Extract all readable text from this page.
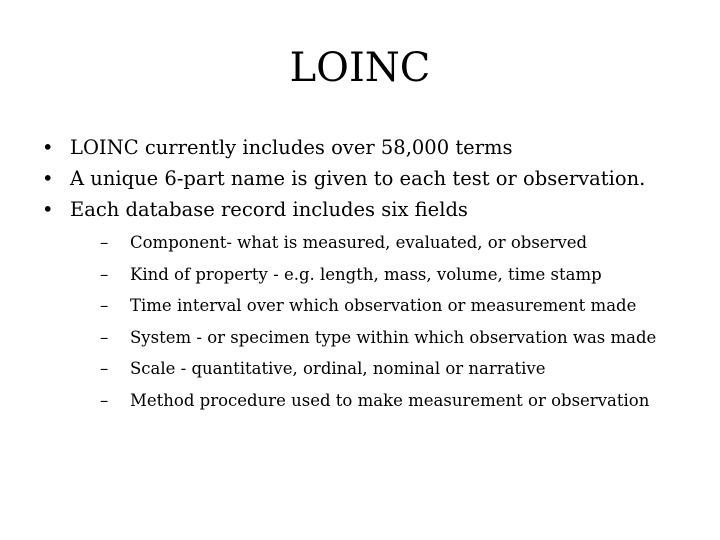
LOINC
• LOINC currently includes over 58,000 terms
• A unique 6-part name is given to each test or observation.
• Each database record includes six fields
– Component- what is measured, evaluated, or observed
– Kind of property - e.g. length, mass, volume, time stamp
– Time interval over which observation or measurement made
– System - or specimen type within which observation was made
– Scale - quantitative, ordinal, nominal or narrative
– Method procedure used to make measurement or observation
